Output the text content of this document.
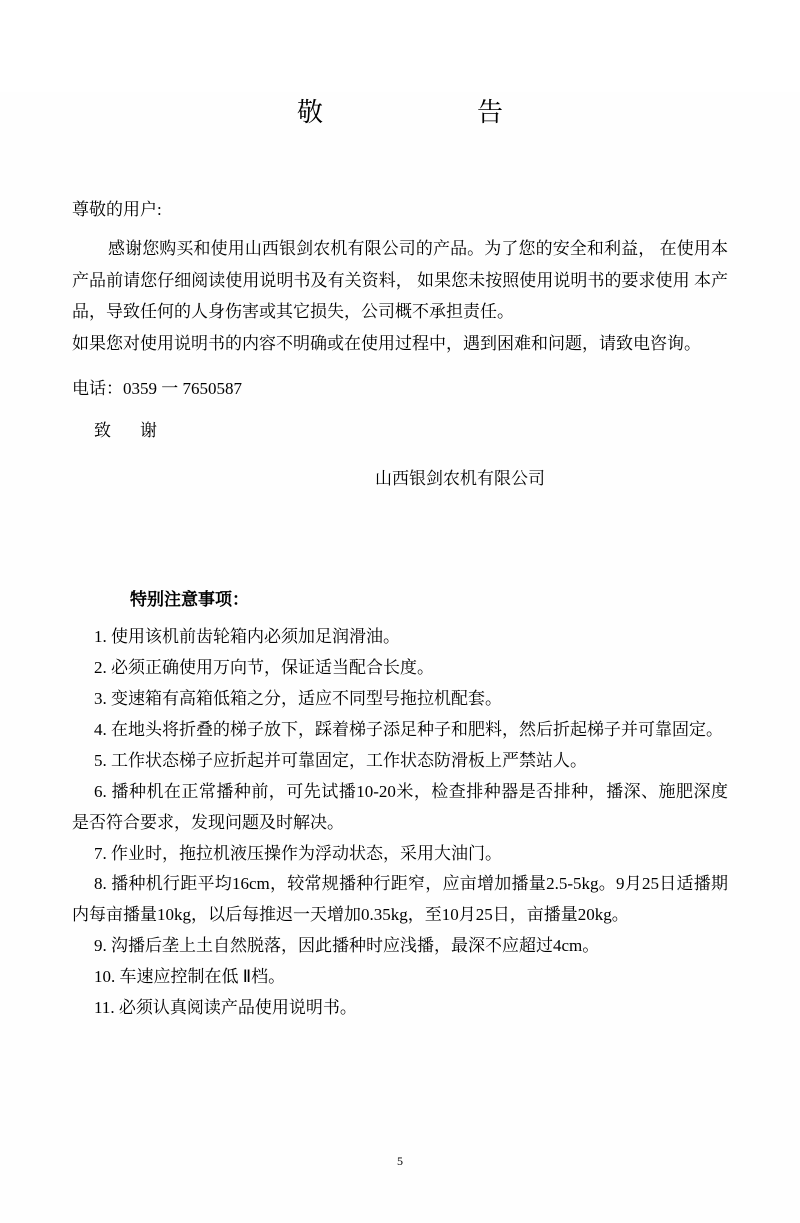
敬　　告
尊敬的用户:
感谢您购买和使用山西银剑农机有限公司的产品。为了您的安全和利益， 在使用本产品前请您仔细阅读使用说明书及有关资料， 如果您未按照使用说明书的要求使用 本产品，导致任何的人身伤害或其它损失，公司概不承担责任。
如果您对使用说明书的内容不明确或在使用过程中，遇到困难和问题，请致电咨询。
电话：0359 一 7650587
致　谢
山西银剑农机有限公司
特别注意事项：

1. 使用该机前齿轮箱内必须加足润滑油。

2. 必须正确使用万向节，保证适当配合长度。

3. 变速箱有高箱低箱之分，适应不同型号拖拉机配套。

4. 在地头将折叠的梯子放下，踩着梯子添足种子和肥料，然后折起梯子并可靠固定。

5. 工作状态梯子应折起并可靠固定，工作状态防滑板上严禁站人。

6. 播种机在正常播种前，可先试播10-20米，检查排种器是否排种，播深、施肥深度是否符合要求，发现问题及时解决。

7. 作业时，拖拉机液压操作为浮动状态，采用大油门。

8. 播种机行距平均16cm，较常规播种行距窄，应亩增加播量2.5-5kg。9月25日适播期内每亩播量10kg，以后每推迟一天增加0.35kg，至10月25日，亩播量20kg。

9. 沟播后垄上土自然脱落，因此播种时应浅播，最深不应超过4cm。

10. 车速应控制在低 Ⅱ档。

11. 必须认真阅读产品使用说明书。

5
